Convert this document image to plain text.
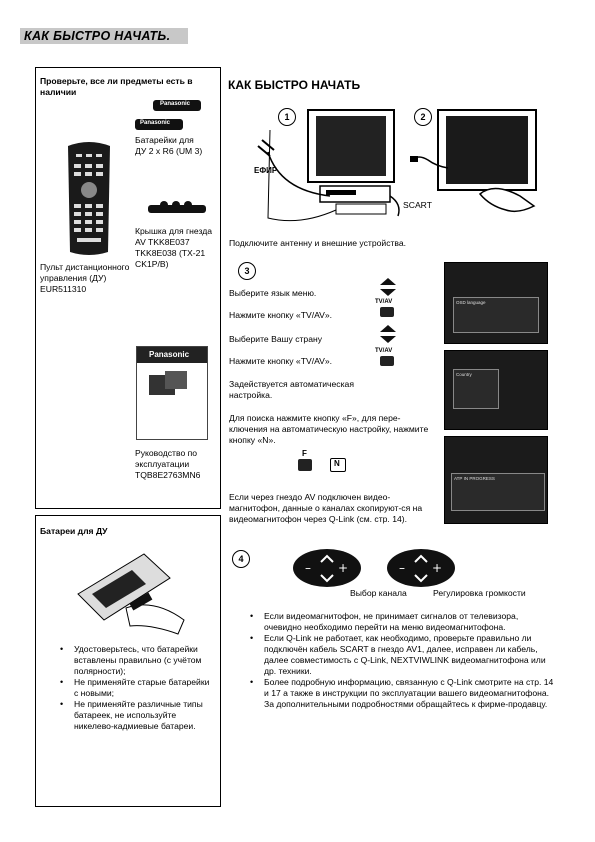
КАК БЫСТРО НАЧАТЬ.
Проверьте, все ли предметы есть в наличии
Panasonic
Panasonic
Батарейки для ДУ 2 x R6 (UM 3)
Крышка для гнезда AV TKK8E037 TKK8E038 (TX-21 CK1P/B)
Пульт дистанционного управления (ДУ) EUR511310
Panasonic
Руководство по эксплуатации TQB8E2763MN6
Батареи для ДУ
• Удостоверьтесь, что батарейки вставлены правильно (с учётом полярности);
• Не применяйте старые батарейки с новыми;
• Не применяйте различные типы батареек, не используйте никелево-кадмиевые батареи.
КАК БЫСТРО НАЧАТЬ
1	2
ЕФИР
SCART
Подключите антенну и внешние устройства.
3
Выберите язык меню.
Нажмите кнопку «TV/AV».
Выберите Вашу страну
Нажмите кнопку «TV/AV».
Задействуется автоматическая настройка.
Для поиска нажмите кнопку «F», для пере-ключения на автоматическую настройку, нажмите кнопку «N».
TV/AV
TV/AV
F
N
OSD language
Country
ATP IN PROGRESS
Если через гнездо AV подключен видео-магнитофон, данные о каналах скопируют-ся на видеомагнитофон через Q-Link (см. стр. 14).
4
– +	– +
Выбор канала	Регулировка громкости
• Если видеомагнитофон, не принимает сигналов от телевизора, очевидно необходимо перейти на меню видеомагнитофона.
• Если Q-Link не работает, как необходимо, проверьте правильно ли подключён кабель SCART в гнездо AV1, далее, исправен ли кабель, далее совместимость с Q-Link, NEXTVIWLINK видеомагнитофона или др. техники.
• Более подробную информацию, связанную с Q-Link смотрите на стр. 14 и 17 а также в инструкции по эксплуатации вашего видеомагнитофона. За дополнительными подробностями обращайтесь к фирме-продавцу.
